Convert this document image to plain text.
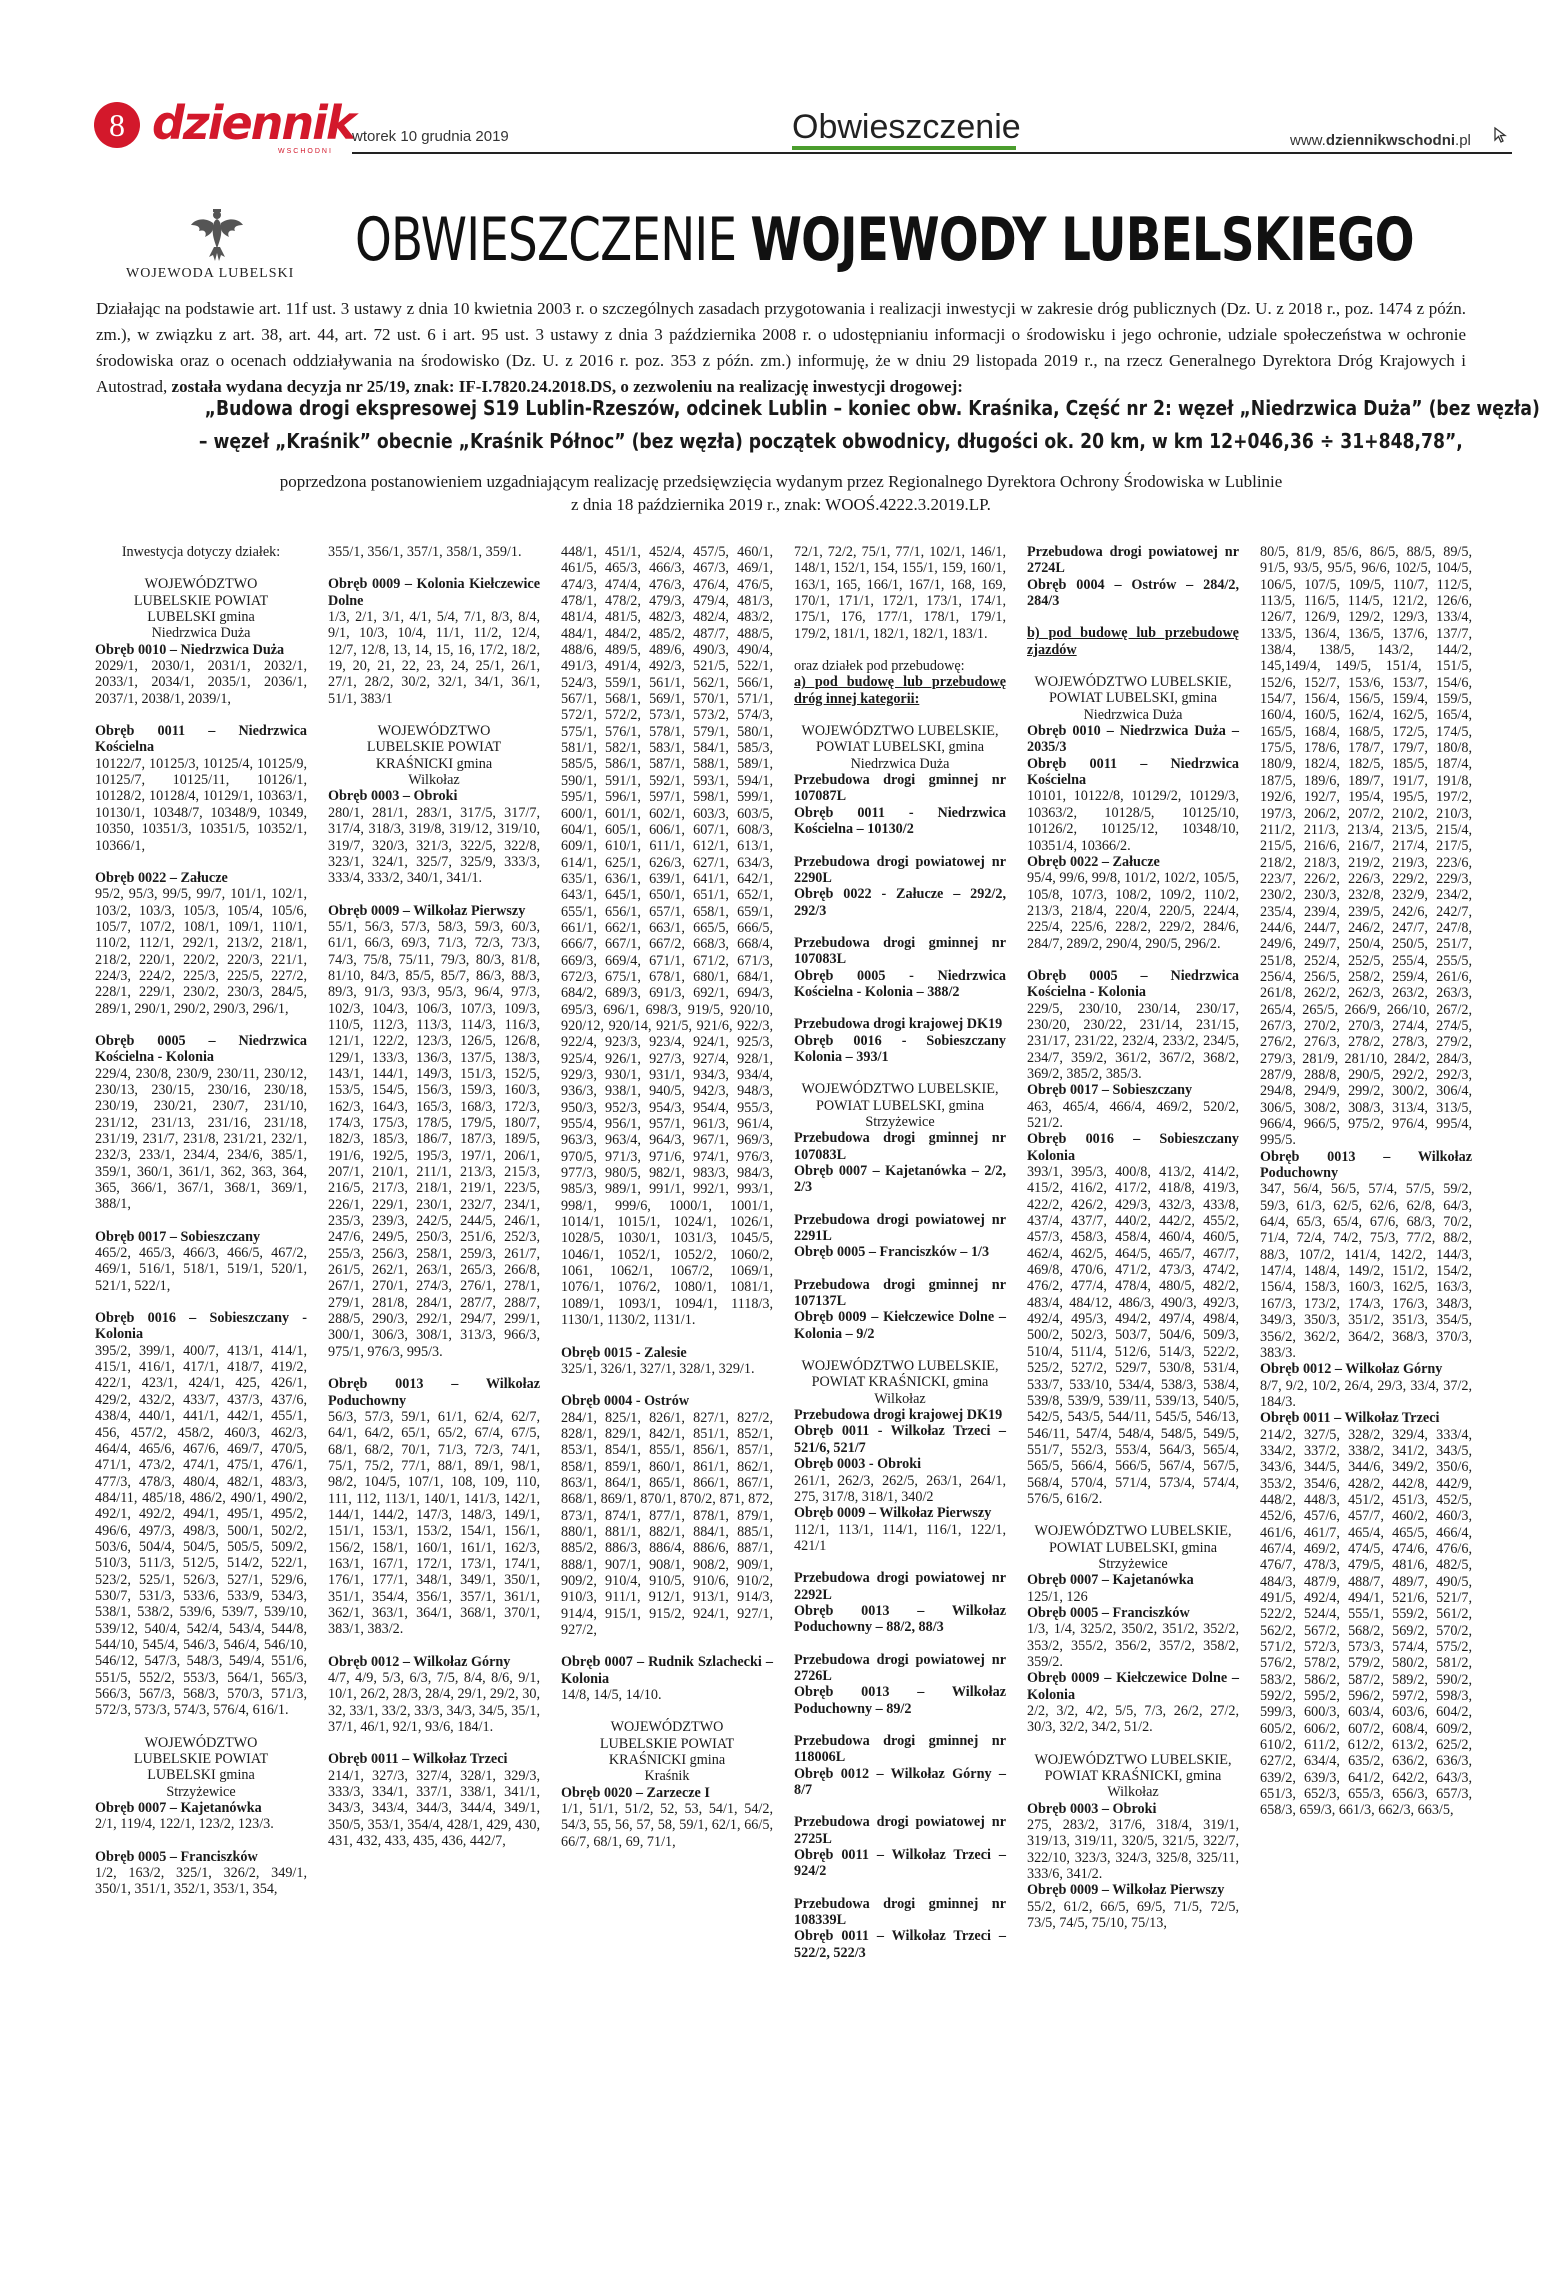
8 dziennik
WSCHODNI
wtorek 10 grudnia 2019	Obwieszczenie	www.dziennikwschodni.pl
WOJEWODA LUBELSKI OBWIESZCZENIE WOJEWODY LUBELSKIEGO
Działając na podstawie art. 11f ust. 3 ustawy z dnia 10 kwietnia 2003 r. o szczególnych zasadach przygotowania i realizacji inwestycji w zakresie dróg publicznych (Dz. U. z 2018 r., poz. 1474 z późn. zm.), w związku z art. 38, art. 44, art. 72 ust. 6 i art. 95 ust. 3 ustawy z dnia 3 października 2008 r. o udostępnianiu informacji o środowisku i jego ochronie, udziale społeczeństwa w ochronie środowiska oraz o ocenach oddziaływania na środowisko (Dz. U. z 2016 r. poz. 353 z późn. zm.) informuję, że w dniu 29 listopada 2019 r., na rzecz Generalnego Dyrektora Dróg Krajowych i Autostrad, została wydana decyzja nr 25/19, znak: IF-I.7820.24.2018.DS, o zezwoleniu na realizację inwestycji drogowej:
„Budowa drogi ekspresowej S19 Lublin-Rzeszów, odcinek Lublin – koniec obw. Kraśnika, Część nr 2: węzeł „Niedrzwica Duża” (bez węzła)
– węzeł „Kraśnik” obecnie „Kraśnik Północ” (bez węzła) początek obwodnicy, długości ok. 20 km, w km 12+046,36 ÷ 31+848,78”,
poprzedzona postanowieniem uzgadniającym realizację przedsięwzięcia wydanym przez Regionalnego Dyrektora Ochrony Środowiska w Lublinie
z dnia 18 października 2019 r., znak: WOOŚ.4222.3.2019.LP.

Inwestycja dotyczy działek:

WOJEWÓDZTWO LUBELSKIE POWIAT LUBELSKI gmina Niedrzwica Duża

Obręb 0010 – Niedrzwica Duża

2029/1, 2030/1, 2031/1, 2032/1, 2033/1, 2034/1, 2035/1, 2036/1, 2037/1, 2038/1, 2039/1,

Obręb 0011 – Niedrzwica Kościelna

10122/7, 10125/3, 10125/4, 10125/9, 10125/7, 10125/11, 10126/1, 10128/2, 10128/4, 10129/1, 10363/1, 10130/1, 10348/7, 10348/9, 10349, 10350, 10351/3, 10351/5, 10352/1, 10366/1,

Obręb 0022 – Załucze

95/2, 95/3, 99/5, 99/7, 101/1, 102/1, 103/2, 103/3, 105/3, 105/4, 105/6, 105/7, 107/2, 108/1, 109/1, 110/1, 110/2, 112/1, 292/1, 213/2, 218/1, 218/2, 220/1, 220/2, 220/3, 221/1, 224/3, 224/2, 225/3, 225/5, 227/2, 228/1, 229/1, 230/2, 230/3, 284/5, 289/1, 290/1, 290/2, 290/3, 296/1,

Obręb 0005 – Niedrzwica Kościelna - Kolonia

229/4, 230/8, 230/9, 230/11, 230/12, 230/13, 230/15, 230/16, 230/18, 230/19, 230/21, 230/7, 231/10, 231/12, 231/13, 231/16, 231/18, 231/19, 231/7, 231/8, 231/21, 232/1, 232/3, 233/1, 234/4, 234/6, 385/1, 359/1, 360/1, 361/1, 362, 363, 364, 365, 366/1, 367/1, 368/1, 369/1, 388/1,

Obręb 0017 – Sobieszczany

465/2, 465/3, 466/3, 466/5, 467/2, 469/1, 516/1, 518/1, 519/1, 520/1, 521/1, 522/1,

Obręb 0016 – Sobieszczany - Kolonia

395/2, 399/1, 400/7, 413/1, 414/1, 415/1, 416/1, 417/1, 418/7, 419/2, 422/1, 423/1, 424/1, 425, 426/1, 429/2, 432/2, 433/7, 437/3, 437/6, 438/4, 440/1, 441/1, 442/1, 455/1, 456, 457/2, 458/2, 460/3, 462/3, 464/4, 465/6, 467/6, 469/7, 470/5, 471/1, 473/2, 474/1, 475/1, 476/1, 477/3, 478/3, 480/4, 482/1, 483/3, 484/11, 485/18, 486/2, 490/1, 490/2, 492/1, 492/2, 494/1, 495/1, 495/2, 496/6, 497/3, 498/3, 500/1, 502/2, 503/6, 504/4, 504/5, 505/5, 509/2, 510/3, 511/3, 512/5, 514/2, 522/1, 523/2, 525/1, 526/3, 527/1, 529/6, 530/7, 531/3, 533/6, 533/9, 534/3, 538/1, 538/2, 539/6, 539/7, 539/10, 539/12, 540/4, 542/4, 543/4, 544/8, 544/10, 545/4, 546/3, 546/4, 546/10, 546/12, 547/3, 548/3, 549/4, 551/6, 551/5, 552/2, 553/3, 564/1, 565/3, 566/3, 567/3, 568/3, 570/3, 571/3, 572/3, 573/3, 574/3, 576/4, 616/1.

WOJEWÓDZTWO LUBELSKIE POWIAT LUBELSKI gmina Strzyżewice

Obręb 0007 – Kajetanówka

2/1, 119/4, 122/1, 123/2, 123/3.

Obręb 0005 – Franciszków

1/2, 163/2, 325/1, 326/2, 349/1, 350/1, 351/1, 352/1, 353/1, 354,

355/1, 356/1, 357/1, 358/1, 359/1.

Obręb 0009 – Kolonia Kiełczewice Dolne

1/3, 2/1, 3/1, 4/1, 5/4, 7/1, 8/3, 8/4, 9/1, 10/3, 10/4, 11/1, 11/2, 12/4, 12/7, 12/8, 13, 14, 15, 16, 17/2, 18/2, 19, 20, 21, 22, 23, 24, 25/1, 26/1, 27/1, 28/2, 30/2, 32/1, 34/1, 36/1, 51/1, 383/1

WOJEWÓDZTWO LUBELSKIE POWIAT KRAŚNICKI gmina Wilkołaz

Obręb 0003 – Obroki

280/1, 281/1, 283/1, 317/5, 317/7, 317/4, 318/3, 319/8, 319/12, 319/10, 319/7, 320/3, 321/3, 322/5, 322/8, 323/1, 324/1, 325/7, 325/9, 333/3, 333/4, 333/2, 340/1, 341/1.

Obręb 0009 – Wilkołaz Pierwszy

55/1, 56/3, 57/3, 58/3, 59/3, 60/3, 61/1, 66/3, 69/3, 71/3, 72/3, 73/3, 74/3, 75/8, 75/11, 79/3, 80/3, 81/8, 81/10, 84/3, 85/5, 85/7, 86/3, 88/3, 89/3, 91/3, 93/3, 95/3, 96/4, 97/3, 102/3, 104/3, 106/3, 107/3, 109/3, 110/5, 112/3, 113/3, 114/3, 116/3, 121/1, 122/2, 123/3, 126/5, 126/8, 129/1, 133/3, 136/3, 137/5, 138/3, 143/1, 144/1, 149/3, 151/3, 152/5, 153/5, 154/5, 156/3, 159/3, 160/3, 162/3, 164/3, 165/3, 168/3, 172/3, 174/3, 175/3, 178/5, 179/5, 180/7, 182/3, 185/3, 186/7, 187/3, 189/5, 191/6, 192/5, 195/3, 197/1, 206/1, 207/1, 210/1, 211/1, 213/3, 215/3, 216/5, 217/3, 218/1, 219/1, 223/5, 226/1, 229/1, 230/1, 232/7, 234/1, 235/3, 239/3, 242/5, 244/5, 246/1, 247/6, 249/5, 250/3, 251/6, 252/3, 255/3, 256/3, 258/1, 259/3, 261/7, 261/5, 262/1, 263/1, 265/3, 266/8, 267/1, 270/1, 274/3, 276/1, 278/1, 279/1, 281/8, 284/1, 287/7, 288/7, 288/5, 290/3, 292/1, 294/7, 299/1, 300/1, 306/3, 308/1, 313/3, 966/3, 975/1, 976/3, 995/3.

Obręb 0013 – Wilkołaz Poduchowny

56/3, 57/3, 59/1, 61/1, 62/4, 62/7, 64/1, 64/2, 65/1, 65/2, 67/4, 67/5, 68/1, 68/2, 70/1, 71/3, 72/3, 74/1, 75/1, 75/2, 77/1, 88/1, 89/1, 98/1, 98/2, 104/5, 107/1, 108, 109, 110, 111, 112, 113/1, 140/1, 141/3, 142/1, 144/1, 144/2, 147/3, 148/3, 149/1, 151/1, 153/1, 153/2, 154/1, 156/1, 156/2, 158/1, 160/1, 161/1, 162/3, 163/1, 167/1, 172/1, 173/1, 174/1, 176/1, 177/1, 348/1, 349/1, 350/1, 351/1, 354/4, 356/1, 357/1, 361/1, 362/1, 363/1, 364/1, 368/1, 370/1, 383/1, 383/2.

Obręb 0012 – Wilkołaz Górny

4/7, 4/9, 5/3, 6/3, 7/5, 8/4, 8/6, 9/1, 10/1, 26/2, 28/3, 28/4, 29/1, 29/2, 30, 32, 33/1, 33/2, 33/3, 34/3, 34/5, 35/1, 37/1, 46/1, 92/1, 93/6, 184/1.

Obręb 0011 – Wilkołaz Trzeci

214/1, 327/3, 327/4, 328/1, 329/3, 333/3, 334/1, 337/1, 338/1, 341/1, 343/3, 343/4, 344/3, 344/4, 349/1, 350/5, 353/1, 354/4, 428/1, 429, 430, 431, 432, 433, 435, 436, 442/7,

448/1, 451/1, 452/4, 457/5, 460/1, 461/5, 465/3, 466/3, 467/3, 469/1, 474/3, 474/4, 476/3, 476/4, 476/5, 478/1, 478/2, 479/3, 479/4, 481/3, 481/4, 481/5, 482/3, 482/4, 483/2, 484/1, 484/2, 485/2, 487/7, 488/5, 488/6, 489/5, 489/6, 490/3, 490/4, 491/3, 491/4, 492/3, 521/5, 522/1, 524/3, 559/1, 561/1, 562/1, 566/1, 567/1, 568/1, 569/1, 570/1, 571/1, 572/1, 572/2, 573/1, 573/2, 574/3, 575/1, 576/1, 578/1, 579/1, 580/1, 581/1, 582/1, 583/1, 584/1, 585/3, 585/5, 586/1, 587/1, 588/1, 589/1, 590/1, 591/1, 592/1, 593/1, 594/1, 595/1, 596/1, 597/1, 598/1, 599/1, 600/1, 601/1, 602/1, 603/3, 603/5, 604/1, 605/1, 606/1, 607/1, 608/3, 609/1, 610/1, 611/1, 612/1, 613/1, 614/1, 625/1, 626/3, 627/1, 634/3, 635/1, 636/1, 639/1, 641/1, 642/1, 643/1, 645/1, 650/1, 651/1, 652/1, 655/1, 656/1, 657/1, 658/1, 659/1, 661/1, 662/1, 663/1, 665/5, 666/5, 666/7, 667/1, 667/2, 668/3, 668/4, 669/3, 669/4, 671/1, 671/2, 671/3, 672/3, 675/1, 678/1, 680/1, 684/1, 684/2, 689/3, 691/3, 692/1, 694/3, 695/3, 696/1, 698/3, 919/5, 920/10, 920/12, 920/14, 921/5, 921/6, 922/3, 922/4, 923/3, 923/4, 924/1, 925/3, 925/4, 926/1, 927/3, 927/4, 928/1, 929/3, 930/1, 931/1, 934/3, 934/4, 936/3, 938/1, 940/5, 942/3, 948/3, 950/3, 952/3, 954/3, 954/4, 955/3, 955/4, 956/1, 957/1, 961/3, 961/4, 963/3, 963/4, 964/3, 967/1, 969/3, 970/5, 971/3, 971/6, 974/1, 976/3, 977/3, 980/5, 982/1, 983/3, 984/3, 985/3, 989/1, 991/1, 992/1, 993/1, 998/1, 999/6, 1000/1, 1001/1, 1014/1, 1015/1, 1024/1, 1026/1, 1028/5, 1030/1, 1031/3, 1045/5, 1046/1, 1052/1, 1052/2, 1060/2, 1061, 1062/1, 1067/2, 1069/1, 1076/1, 1076/2, 1080/1, 1081/1, 1089/1, 1093/1, 1094/1, 1118/3, 1130/1, 1130/2, 1131/1.

Obręb 0015 - Zalesie

325/1, 326/1, 327/1, 328/1, 329/1.

Obręb 0004 - Ostrów

284/1, 825/1, 826/1, 827/1, 827/2, 828/1, 829/1, 842/1, 851/1, 852/1, 853/1, 854/1, 855/1, 856/1, 857/1, 858/1, 859/1, 860/1, 861/1, 862/1, 863/1, 864/1, 865/1, 866/1, 867/1, 868/1, 869/1, 870/1, 870/2, 871, 872, 873/1, 874/1, 877/1, 878/1, 879/1, 880/1, 881/1, 882/1, 884/1, 885/1, 885/2, 886/3, 886/4, 886/6, 887/1, 888/1, 907/1, 908/1, 908/2, 909/1, 909/2, 910/4, 910/5, 910/6, 910/2, 910/3, 911/1, 912/1, 913/1, 914/3, 914/4, 915/1, 915/2, 924/1, 927/1, 927/2,

Obręb 0007 – Rudnik Szlachecki – Kolonia

14/8, 14/5, 14/10.

WOJEWÓDZTWO LUBELSKIE POWIAT KRAŚNICKI gmina Kraśnik

Obręb 0020 – Zarzecze I

1/1, 51/1, 51/2, 52, 53, 54/1, 54/2, 54/3, 55, 56, 57, 58, 59/1, 62/1, 66/5, 66/7, 68/1, 69, 71/1,

72/1, 72/2, 75/1, 77/1, 102/1, 146/1, 148/1, 152/1, 154, 155/1, 159, 160/1, 163/1, 165, 166/1, 167/1, 168, 169, 170/1, 171/1, 172/1, 173/1, 174/1, 175/1, 176, 177/1, 178/1, 179/1, 179/2, 181/1, 182/1, 182/1, 183/1.

oraz działek pod przebudowę:

a) pod budowę lub przebudowę dróg innej kategorii:

WOJEWÓDZTWO LUBELSKIE, POWIAT LUBELSKI, gmina Niedrzwica Duża

Przebudowa drogi gminnej nr 107087L

Obręb 0011 - Niedrzwica Kościelna – 10130/2

Przebudowa drogi powiatowej nr 2290L

Obręb 0022 - Załucze – 292/2, 292/3

Przebudowa drogi gminnej nr 107083L

Obręb 0005 - Niedrzwica Kościelna - Kolonia – 388/2

Przebudowa drogi krajowej DK19

Obręb 0016 - Sobieszczany Kolonia – 393/1

WOJEWÓDZTWO LUBELSKIE, POWIAT LUBELSKI, gmina Strzyżewice

Przebudowa drogi gminnej nr 107083L

Obręb 0007 – Kajetanówka – 2/2, 2/3

Przebudowa drogi powiatowej nr 2291L

Obręb 0005 – Franciszków – 1/3

Przebudowa drogi gminnej nr 107137L

Obręb 0009 – Kiełczewice Dolne – Kolonia – 9/2

WOJEWÓDZTWO LUBELSKIE, POWIAT KRAŚNICKI, gmina Wilkołaz

Przebudowa drogi krajowej DK19

Obręb 0011 - Wilkołaz Trzeci – 521/6, 521/7

Obręb 0003 - Obroki

261/1, 262/3, 262/5, 263/1, 264/1, 275, 317/8, 318/1, 340/2

Obręb 0009 – Wilkołaz Pierwszy

112/1, 113/1, 114/1, 116/1, 122/1, 421/1

Przebudowa drogi powiatowej nr 2292L

Obręb 0013 – Wilkołaz Poduchowny – 88/2, 88/3

Przebudowa drogi powiatowej nr 2726L

Obręb 0013 – Wilkołaz Poduchowny – 89/2

Przebudowa drogi gminnej nr 118006L

Obręb 0012 – Wilkołaz Górny – 8/7

Przebudowa drogi powiatowej nr 2725L

Obręb 0011 – Wilkołaz Trzeci – 924/2

Przebudowa drogi gminnej nr 108339L

Obręb 0011 – Wilkołaz Trzeci – 522/2, 522/3

Przebudowa drogi powiatowej nr 2724L

Obręb 0004 – Ostrów – 284/2, 284/3

b) pod budowę lub przebudowę zjazdów

WOJEWÓDZTWO LUBELSKIE, POWIAT LUBELSKI, gmina Niedrzwica Duża

Obręb 0010 – Niedrzwica Duża – 2035/3

Obręb 0011 – Niedrzwica Kościelna

10101, 10122/8, 10129/2, 10129/3, 10363/2, 10128/5, 10125/10, 10126/2, 10125/12, 10348/10, 10351/4, 10366/2.

Obręb 0022 – Załucze

95/4, 99/6, 99/8, 101/2, 102/2, 105/5, 105/8, 107/3, 108/2, 109/2, 110/2, 213/3, 218/4, 220/4, 220/5, 224/4, 225/4, 225/6, 228/2, 229/2, 284/6, 284/7, 289/2, 290/4, 290/5, 296/2.

Obręb 0005 – Niedrzwica Kościelna - Kolonia

229/5, 230/10, 230/14, 230/17, 230/20, 230/22, 231/14, 231/15, 231/17, 231/22, 232/4, 233/2, 234/5, 234/7, 359/2, 361/2, 367/2, 368/2, 369/2, 385/2, 385/3.

Obręb 0017 – Sobieszczany

463, 465/4, 466/4, 469/2, 520/2, 521/2.

Obręb 0016 – Sobieszczany Kolonia

393/1, 395/3, 400/8, 413/2, 414/2, 415/2, 416/2, 417/2, 418/8, 419/3, 422/2, 426/2, 429/3, 432/3, 433/8, 437/4, 437/7, 440/2, 442/2, 455/2, 457/3, 458/3, 458/4, 460/4, 460/5, 462/4, 462/5, 464/5, 465/7, 467/7, 469/8, 470/6, 471/2, 473/3, 474/2, 476/2, 477/4, 478/4, 480/5, 482/2, 483/4, 484/12, 486/3, 490/3, 492/3, 492/4, 495/3, 494/2, 497/4, 498/4, 500/2, 502/3, 503/7, 504/6, 509/3, 510/4, 511/4, 512/6, 514/3, 522/2, 525/2, 527/2, 529/7, 530/8, 531/4, 533/7, 533/10, 534/4, 538/3, 538/4, 539/8, 539/9, 539/11, 539/13, 540/5, 542/5, 543/5, 544/11, 545/5, 546/13, 546/11, 547/4, 548/4, 548/5, 549/5, 551/7, 552/3, 553/4, 564/3, 565/4, 565/5, 566/4, 566/5, 567/4, 567/5, 568/4, 570/4, 571/4, 573/4, 574/4, 576/5, 616/2.

WOJEWÓDZTWO LUBELSKIE, POWIAT LUBELSKI, gmina Strzyżewice

Obręb 0007 – Kajetanówka

125/1, 126

Obręb 0005 – Franciszków

1/3, 1/4, 325/2, 350/2, 351/2, 352/2, 353/2, 355/2, 356/2, 357/2, 358/2, 359/2.

Obręb 0009 – Kiełczewice Dolne – Kolonia

2/2, 3/2, 4/2, 5/5, 7/3, 26/2, 27/2, 30/3, 32/2, 34/2, 51/2.

WOJEWÓDZTWO LUBELSKIE, POWIAT KRAŚNICKI, gmina Wilkołaz

Obręb 0003 – Obroki

275, 283/2, 317/6, 318/4, 319/1, 319/13, 319/11, 320/5, 321/5, 322/7, 322/10, 323/3, 324/3, 325/8, 325/11, 333/6, 341/2.

Obręb 0009 – Wilkołaz Pierwszy

55/2, 61/2, 66/5, 69/5, 71/5, 72/5, 73/5, 74/5, 75/10, 75/13,

80/5, 81/9, 85/6, 86/5, 88/5, 89/5, 91/5, 93/5, 95/5, 96/6, 102/5, 104/5, 106/5, 107/5, 109/5, 110/7, 112/5, 113/5, 116/5, 114/5, 121/2, 126/6, 126/7, 126/9, 129/2, 129/3, 133/4, 133/5, 136/4, 136/5, 137/6, 137/7, 138/4, 138/5, 143/2, 144/2, 145,149/4, 149/5, 151/4, 151/5, 152/6, 152/7, 153/6, 153/7, 154/6, 154/7, 156/4, 156/5, 159/4, 159/5, 160/4, 160/5, 162/4, 162/5, 165/4, 165/5, 168/4, 168/5, 172/5, 174/5, 175/5, 178/6, 178/7, 179/7, 180/8, 180/9, 182/4, 182/5, 185/5, 187/4, 187/5, 189/6, 189/7, 191/7, 191/8, 192/6, 192/7, 195/4, 195/5, 197/2, 197/3, 206/2, 207/2, 210/2, 210/3, 211/2, 211/3, 213/4, 213/5, 215/4, 215/5, 216/6, 216/7, 217/4, 217/5, 218/2, 218/3, 219/2, 219/3, 223/6, 223/7, 226/2, 226/3, 229/2, 229/3, 230/2, 230/3, 232/8, 232/9, 234/2, 235/4, 239/4, 239/5, 242/6, 242/7, 244/6, 244/7, 246/2, 247/7, 247/8, 249/6, 249/7, 250/4, 250/5, 251/7, 251/8, 252/4, 252/5, 255/4, 255/5, 256/4, 256/5, 258/2, 259/4, 261/6, 261/8, 262/2, 262/3, 263/2, 263/3, 265/4, 265/5, 266/9, 266/10, 267/2, 267/3, 270/2, 270/3, 274/4, 274/5, 276/2, 276/3, 278/2, 278/3, 279/2, 279/3, 281/9, 281/10, 284/2, 284/3, 287/9, 288/8, 290/5, 292/2, 292/3, 294/8, 294/9, 299/2, 300/2, 306/4, 306/5, 308/2, 308/3, 313/4, 313/5, 966/4, 966/5, 975/2, 976/4, 995/4, 995/5.

Obręb 0013 – Wilkołaz Poduchowny

347, 56/4, 56/5, 57/4, 57/5, 59/2, 59/3, 61/3, 62/5, 62/6, 62/8, 64/3, 64/4, 65/3, 65/4, 67/6, 68/3, 70/2, 71/4, 72/4, 74/2, 75/3, 77/2, 88/2, 88/3, 107/2, 141/4, 142/2, 144/3, 147/4, 148/4, 149/2, 151/2, 154/2, 156/4, 158/3, 160/3, 162/5, 163/3, 167/3, 173/2, 174/3, 176/3, 348/3, 349/3, 350/3, 351/2, 351/3, 354/5, 356/2, 362/2, 364/2, 368/3, 370/3, 383/3.

Obręb 0012 – Wilkołaz Górny

8/7, 9/2, 10/2, 26/4, 29/3, 33/4, 37/2, 184/3.

Obręb 0011 – Wilkołaz Trzeci

214/2, 327/5, 328/2, 329/4, 333/4, 334/2, 337/2, 338/2, 341/2, 343/5, 343/6, 344/5, 344/6, 349/2, 350/6, 353/2, 354/6, 428/2, 442/8, 442/9, 448/2, 448/3, 451/2, 451/3, 452/5, 452/6, 457/6, 457/7, 460/2, 460/3, 461/6, 461/7, 465/4, 465/5, 466/4, 467/4, 469/2, 474/5, 474/6, 476/6, 476/7, 478/3, 479/5, 481/6, 482/5, 484/3, 487/9, 488/7, 489/7, 490/5, 491/5, 492/4, 494/1, 521/6, 521/7, 522/2, 524/4, 555/1, 559/2, 561/2, 562/2, 567/2, 568/2, 569/2, 570/2, 571/2, 572/3, 573/3, 574/4, 575/2, 576/2, 578/2, 579/2, 580/2, 581/2, 583/2, 586/2, 587/2, 589/2, 590/2, 592/2, 595/2, 596/2, 597/2, 598/3, 599/3, 600/3, 603/4, 603/6, 604/2, 605/2, 606/2, 607/2, 608/4, 609/2, 610/2, 611/2, 612/2, 613/2, 625/2, 627/2, 634/4, 635/2, 636/2, 636/3, 639/2, 639/3, 641/2, 642/2, 643/3, 651/3, 652/3, 655/3, 656/3, 657/3, 658/3, 659/3, 661/3, 662/3, 663/5,
